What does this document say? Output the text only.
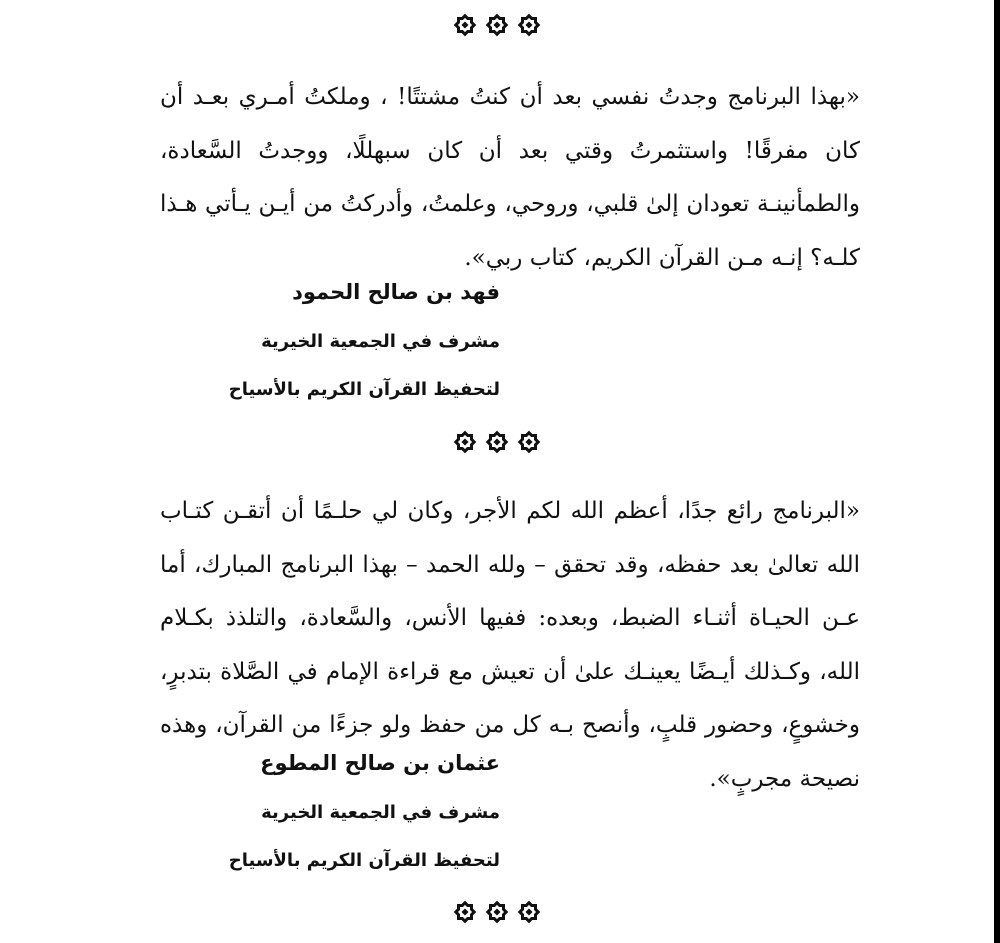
«بهذا البرنامج وجدتُ نفسي بعد أن كنتُ مشتتًا! ، وملكتُ أمـري بعـد أن كان مفرقًا! واستثمرتُ وقتي بعد أن كان سبهللًا، ووجدتُ السَّعادة، والطمأنينـة تعودان إلىٰ قلبي، وروحي، وعلمتُ، وأدركتُ من أيـن يـأتي هـذا كلـه؟ إنـه مـن القرآن الكريم، كتاب ربي».

فهد بن صالح الحمود
مشرف في الجمعية الخيرية
لتحفيظ القرآن الكريم بالأسياح

«البرنامج رائع جدًا، أعظم الله لكم الأجر، وكان لي حلـمًا أن أتقـن كتـاب الله تعالىٰ بعد حفظه، وقد تحقق – ولله الحمد – بهذا البرنامج المبارك، أما عـن الحيـاة أثنـاء الضبط، وبعده: ففيها الأنس، والسَّعادة، والتلذذ بكـلام الله، وكـذلك أيـضًا يعينـك علىٰ أن تعيش مع قراءة الإمام في الصَّلاة بتدبرٍ، وخشوعٍ، وحضور قلبٍ، وأنصح بـه كل من حفظ ولو جزءًا من القرآن، وهذه نصيحة مجربٍ».

عثمان بن صالح المطوع
مشرف في الجمعية الخيرية
لتحفيظ القرآن الكريم بالأسياح
